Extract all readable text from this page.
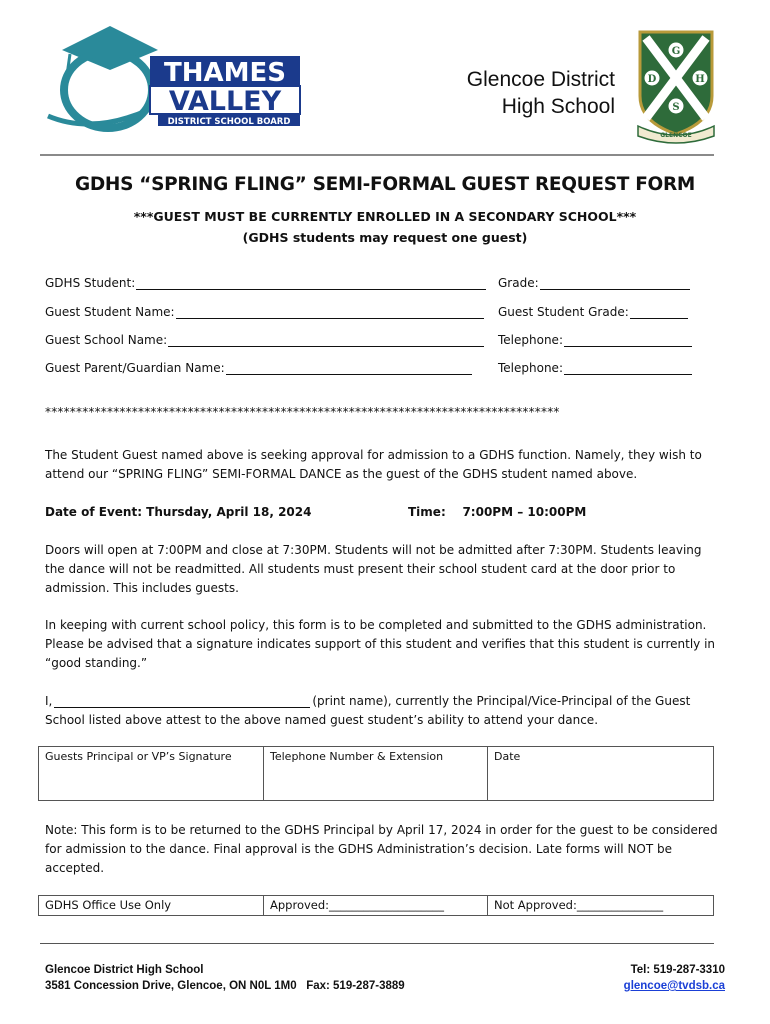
THAMES
VALLEY
DISTRICT SCHOOL BOARD
Glencoe District
High School
G
D	H
S
GLENCOE
GDHS “SPRING FLING” SEMI-FORMAL GUEST REQUEST FORM
***GUEST MUST BE CURRENTLY ENROLLED IN A SECONDARY SCHOOL***
(GDHS students may request one guest)
GDHS Student:	Grade:
Guest Student Name:	Guest Student Grade:
Guest School Name:	Telephone:
Guest Parent/Guardian Name:	Telephone:
***********************************************************************************
The Student Guest named above is seeking approval for admission to a GDHS function. Namely, they wish to attend our “SPRING FLING” SEMI-FORMAL DANCE as the guest of the GDHS student named above.
Date of Event: Thursday, April 18, 2024	Time:    7:00PM – 10:00PM
Doors will open at 7:00PM and close at 7:30PM. Students will not be admitted after 7:30PM. Students leaving the dance will not be readmitted. All students must present their school student card at the door prior to admission. This includes guests.
In keeping with current school policy, this form is to be completed and submitted to the GDHS administration. Please be advised that a signature indicates support of this student and verifies that this student is currently in “good standing.”
I,	(print name), currently the Principal/Vice-Principal of the Guest
School listed above attest to the above named guest student’s ability to attend your dance.
Guests Principal or VP’s Signature	Telephone Number & Extension	Date
Note: This form is to be returned to the GDHS Principal by April 17, 2024 in order for the guest to be considered for admission to the dance. Final approval is the GDHS Administration’s decision. Late forms will NOT be accepted.
GDHS Office Use Only	Approved:____________________	Not Approved:_______________
Glencoe District High School
3581 Concession Drive, Glencoe, ON N0L 1M0   Fax: 519-287-3889
Tel: 519-287-3310
glencoe@tvdsb.ca
